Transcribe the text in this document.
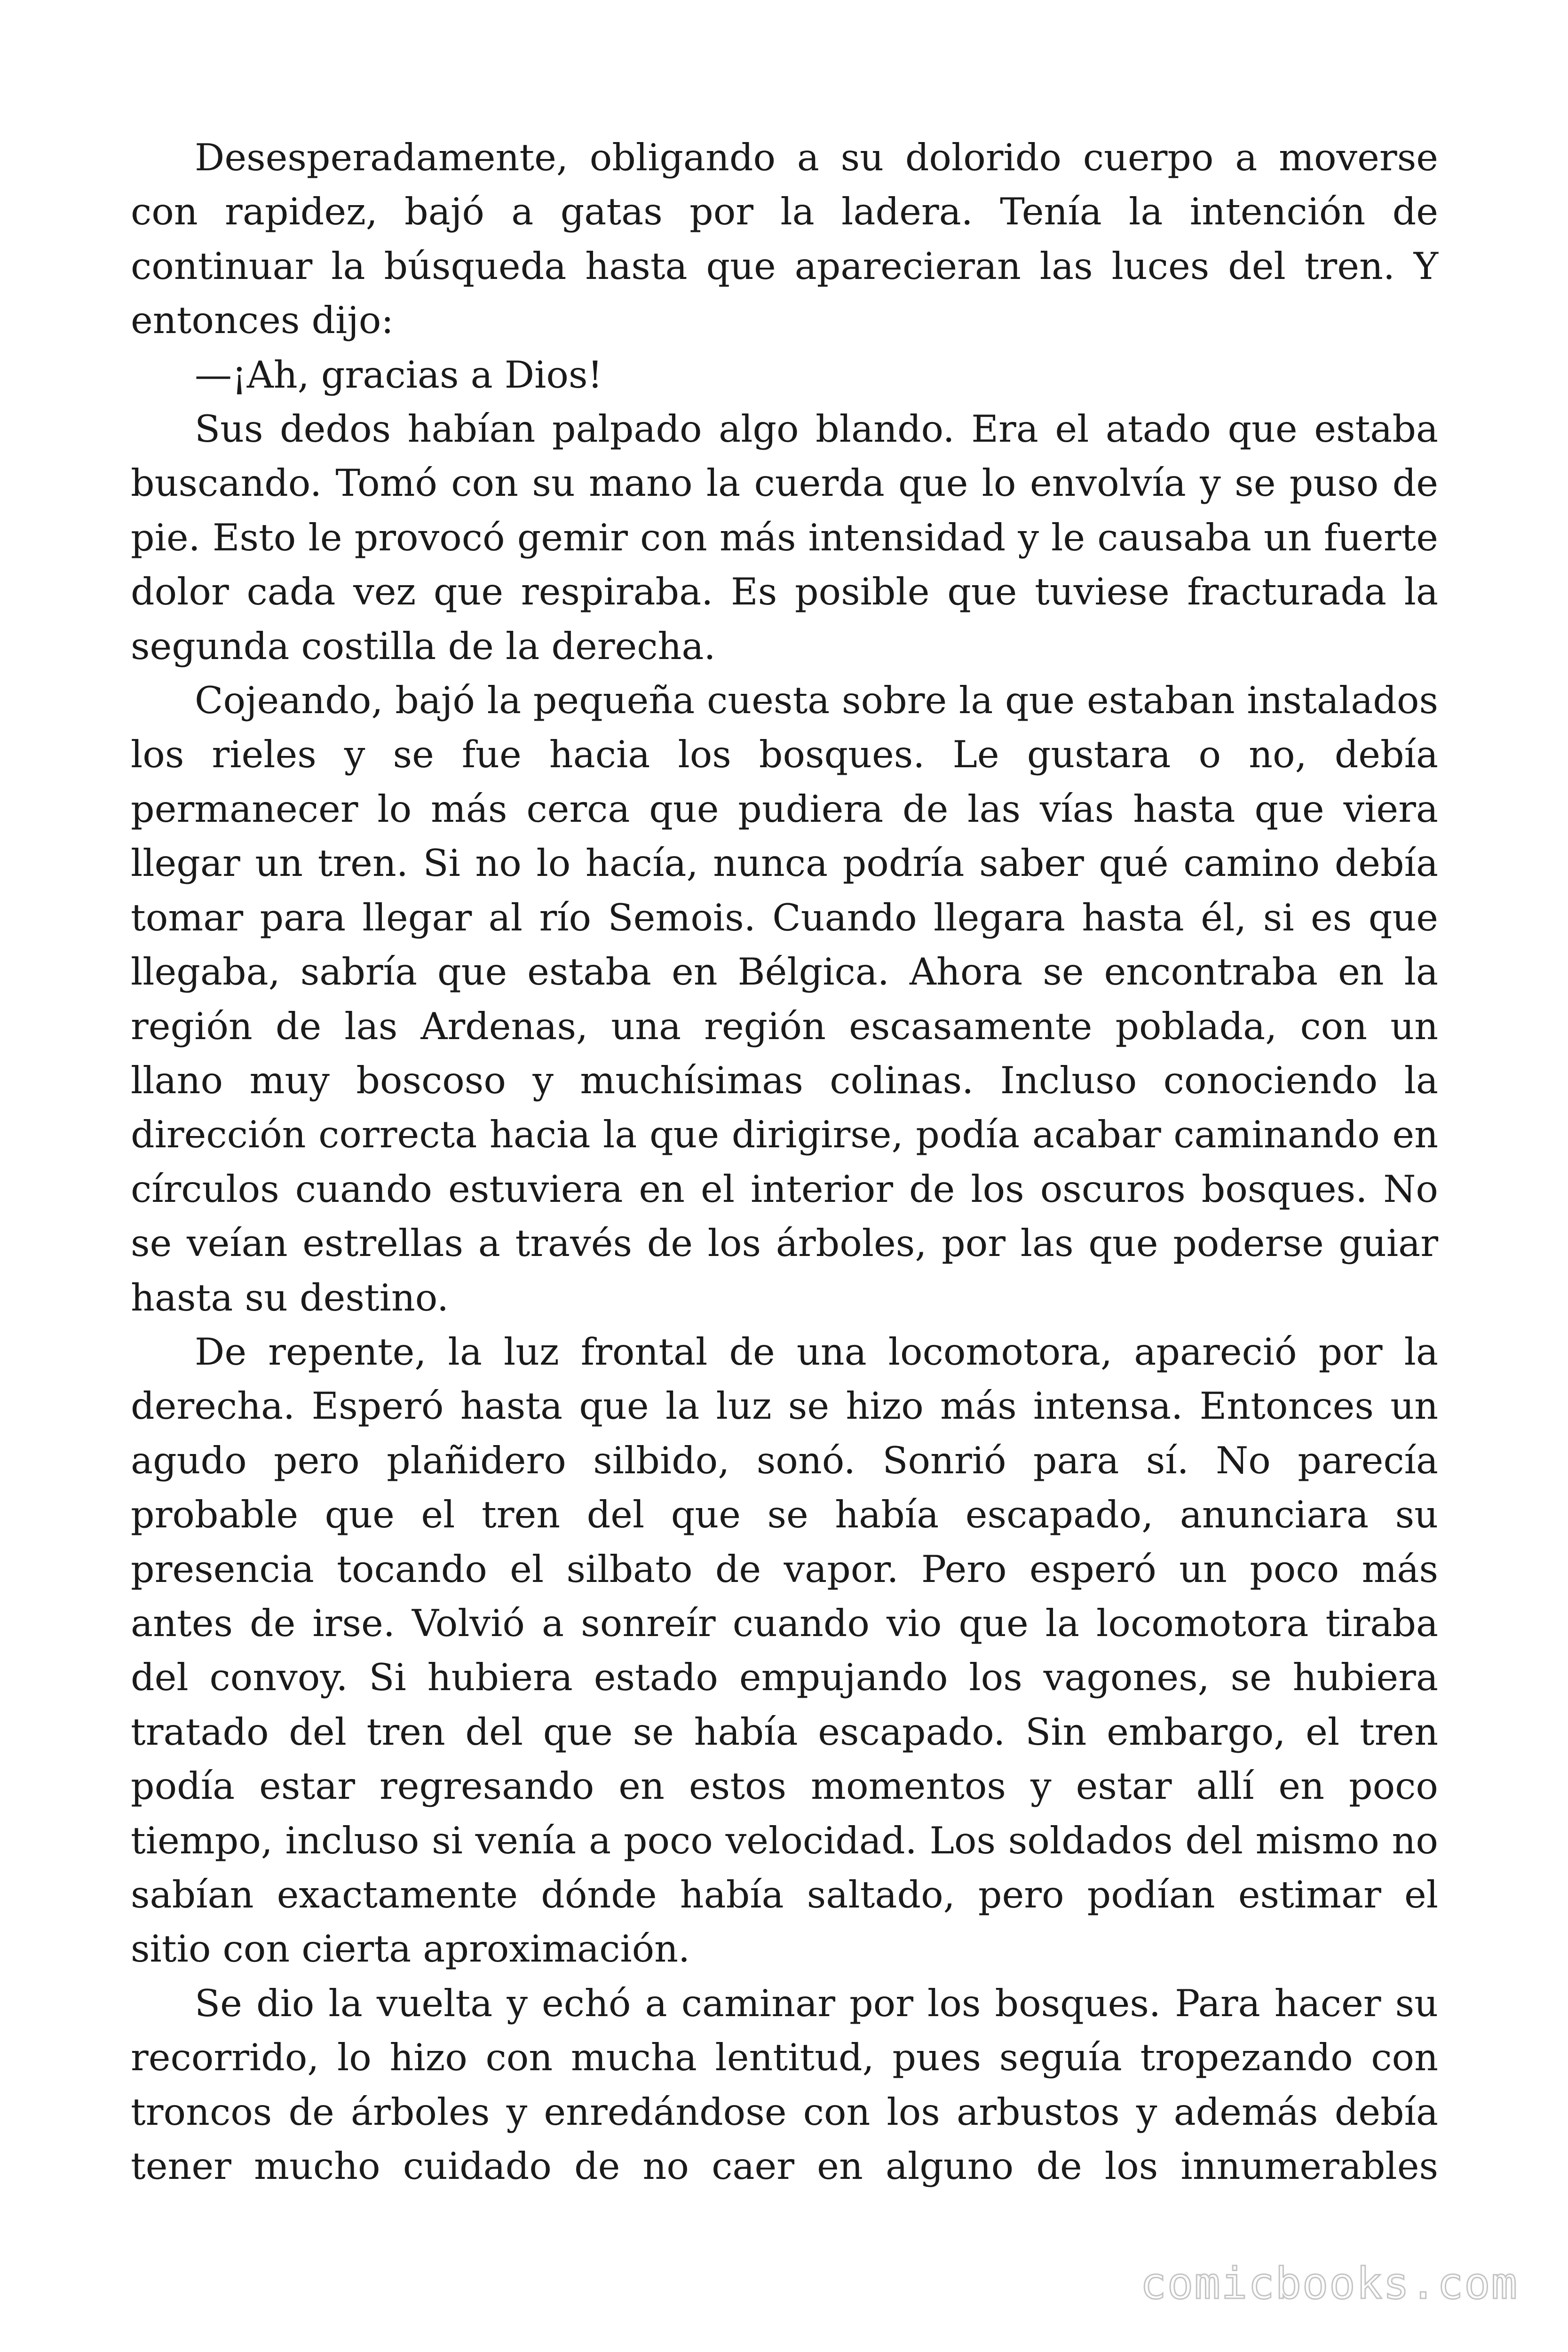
Desesperadamente, obligando a su dolorido cuerpo a moverse con rapidez, bajó a gatas por la ladera. Tenía la intención de continuar la búsqueda hasta que aparecieran las luces del tren. Y entonces dijo:

—¡Ah, gracias a Dios!

Sus dedos habían palpado algo blando. Era el atado que estaba buscando. Tomó con su mano la cuerda que lo envolvía y se puso de pie. Esto le provocó gemir con más intensidad y le causaba un fuerte dolor cada vez que respiraba. Es posible que tuviese fracturada la segunda costilla de la derecha.

Cojeando, bajó la pequeña cuesta sobre la que estaban instalados los rieles y se fue hacia los bosques. Le gustara o no, debía permanecer lo más cerca que pudiera de las vías hasta que viera llegar un tren. Si no lo hacía, nunca podría saber qué camino debía tomar para llegar al río Semois. Cuando llegara hasta él, si es que llegaba, sabría que estaba en Bélgica. Ahora se encontraba en la región de las Ardenas, una región escasamente poblada, con un llano muy boscoso y muchísimas colinas. Incluso conociendo la dirección correcta hacia la que dirigirse, podía acabar caminando en círculos cuando estuviera en el interior de los oscuros bosques. No se veían estrellas a través de los árboles, por las que poderse guiar hasta su destino.

De repente, la luz frontal de una locomotora, apareció por la derecha. Esperó hasta que la luz se hizo más intensa. Entonces un agudo pero plañidero silbido, sonó. Sonrió para sí. No parecía probable que el tren del que se había escapado, anunciara su presencia tocando el silbato de vapor. Pero esperó un poco más antes de irse. Volvió a sonreír cuando vio que la locomotora tiraba del convoy. Si hubiera estado empujando los vagones, se hubiera tratado del tren del que se había escapado. Sin embargo, el tren podía estar regresando en estos momentos y estar allí en poco tiempo, incluso si venía a poco velocidad. Los soldados del mismo no sabían exactamente dónde había saltado, pero podían estimar el sitio con cierta aproximación.

Se dio la vuelta y echó a caminar por los bosques. Para hacer su recorrido, lo hizo con mucha lentitud, pues seguía tropezando con troncos de árboles y enredándose con los arbustos y además debía tener mucho cuidado de no caer en alguno de los innumerables

comicbooks.com
